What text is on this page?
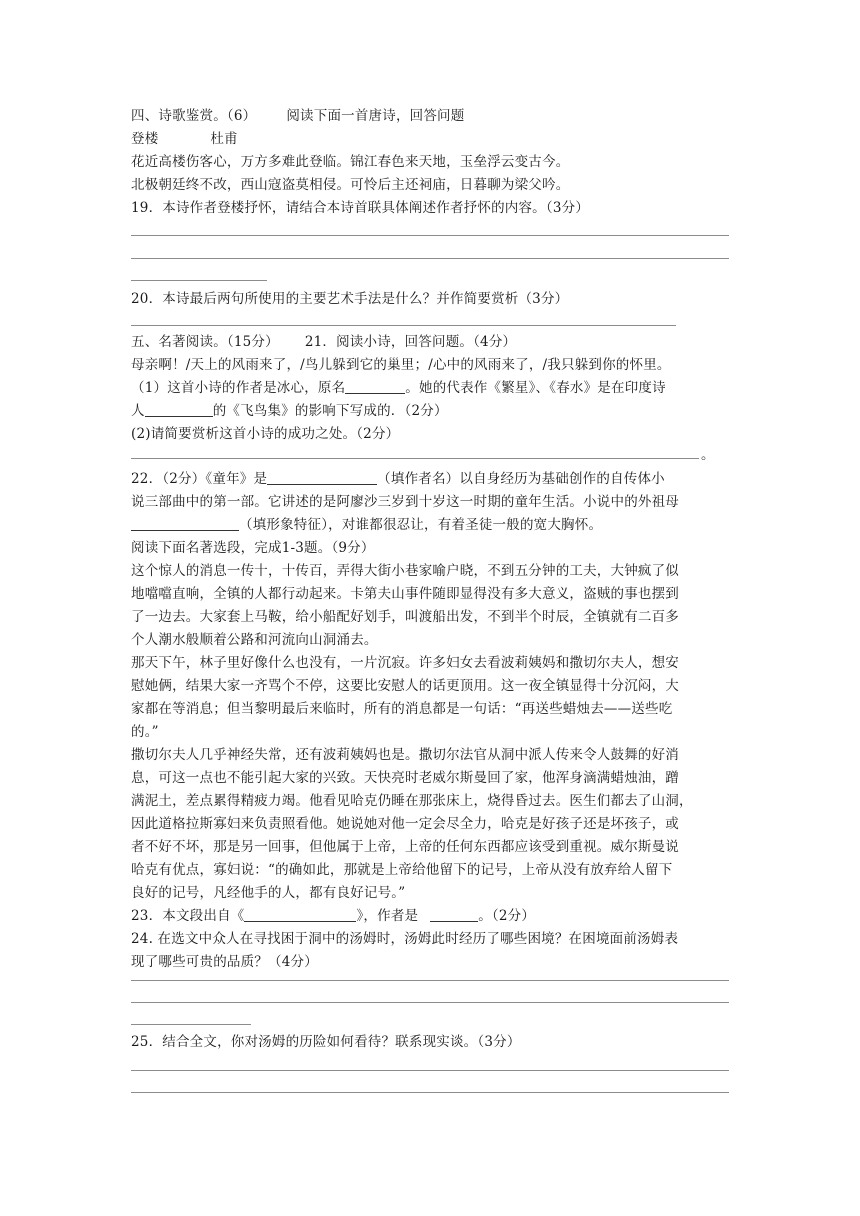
四、诗歌鉴赏。（6） 阅读下面一首唐诗，回答问题
登楼	杜甫
花近高楼伤客心，万方多难此登临。锦江春色来天地，玉垒浮云变古今。
北极朝廷终不改，西山寇盗莫相侵。可怜后主还祠庙，日暮聊为梁父吟。
19．本诗作者登楼抒怀，请结合本诗首联具体阐述作者抒怀的内容。（3分）
20．本诗最后两句所使用的主要艺术手法是什么？并作简要赏析（3分）
五、名著阅读。（15分） 21．阅读小诗，回答问题。（4分）
母亲啊！/天上的风雨来了，/鸟儿躲到它的巢里；/心中的风雨来了，/我只躲到你的怀里。
（1）这首小诗的作者是冰心，原名	。她的代表作《繁星》、《春水》是在印度诗
人	的《飞鸟集》的影响下写成的．（2分）
(2)请简要赏析这首小诗的成功之处。（2分）
。
22．（2分）《童年》是	（填作者名）以自身经历为基础创作的自传体小
说三部曲中的第一部。它讲述的是阿廖沙三岁到十岁这一时期的童年生活。小说中的外祖母
（填形象特征），对谁都很忍让，有着圣徒一般的宽大胸怀。
阅读下面名著选段，完成1-3题。（9分）
这个惊人的消息一传十，十传百，弄得大街小巷家喻户晓，不到五分钟的工夫，大钟疯了似
地噹噹直响，全镇的人都行动起来。卡第夫山事件随即显得没有多大意义，盗贼的事也摆到
了一边去。大家套上马鞍，给小船配好划手，叫渡船出发，不到半个时辰，全镇就有二百多
个人潮水般顺着公路和河流向山洞涌去。
那天下午，林子里好像什么也没有，一片沉寂。许多妇女去看波莉姨妈和撒切尔夫人，想安
慰她俩，结果大家一齐骂个不停，这要比安慰人的话更顶用。这一夜全镇显得十分沉闷，大
家都在等消息；但当黎明最后来临时，所有的消息都是一句话：“再送些蜡烛去——送些吃
的。”
撒切尔夫人几乎神经失常，还有波莉姨妈也是。撒切尔法官从洞中派人传来令人鼓舞的好消
息，可这一点也不能引起大家的兴致。天快亮时老威尔斯曼回了家，他浑身滴满蜡烛油，蹭
满泥土，差点累得精疲力竭。他看见哈克仍睡在那张床上，烧得昏过去。医生们都去了山洞，
因此道格拉斯寡妇来负责照看他。她说她对他一定会尽全力，哈克是好孩子还是坏孩子，或
者不好不坏，那是另一回事，但他属于上帝，上帝的任何东西都应该受到重视。威尔斯曼说
哈克有优点，寡妇说：“的确如此，那就是上帝给他留下的记号，上帝从没有放弃给人留下
良好的记号，凡经他手的人，都有良好记号。”
23．本文段出自《	》，作者是	。（2分）
24. 在选文中众人在寻找困于洞中的汤姆时，汤姆此时经历了哪些困境？在困境面前汤姆表
现了哪些可贵的品质？（4分）
25．结合全文，你对汤姆的历险如何看待？联系现实谈。（3分）
